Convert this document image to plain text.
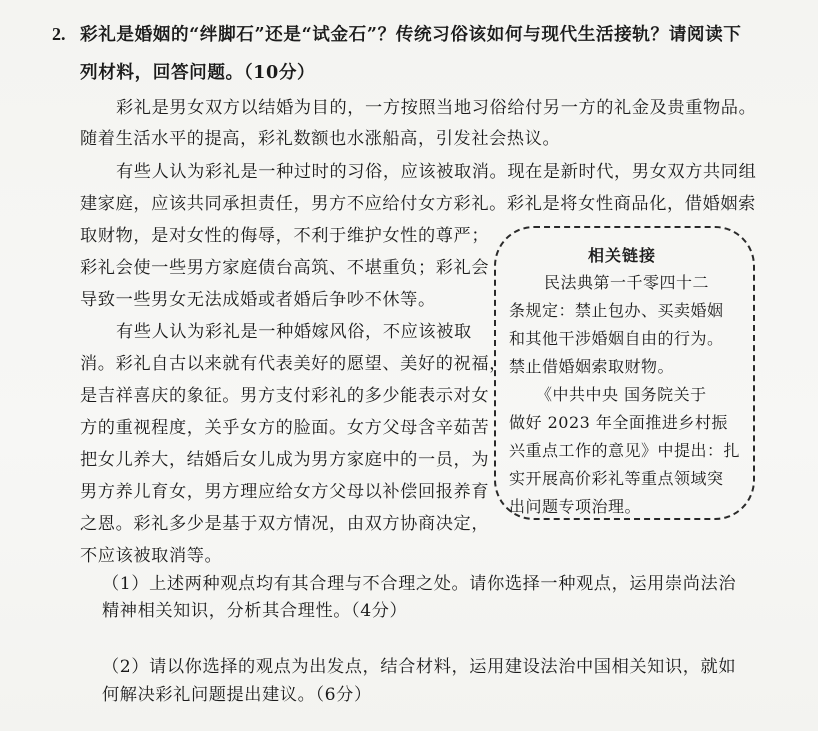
2. 彩礼是婚姻的“绊脚石”还是“试金石”？传统习俗该如何与现代生活接轨？请阅读下
列材料，回答问题。（10分）
彩礼是男女双方以结婚为目的，一方按照当地习俗给付另一方的礼金及贵重物品。
随着生活水平的提高，彩礼数额也水涨船高，引发社会热议。
有些人认为彩礼是一种过时的习俗，应该被取消。现在是新时代，男女双方共同组
建家庭，应该共同承担责任，男方不应给付女方彩礼。彩礼是将女性商品化，借婚姻索
取财物，是对女性的侮辱，不利于维护女性的尊严；
彩礼会使一些男方家庭债台高筑、不堪重负；彩礼会
导致一些男女无法成婚或者婚后争吵不休等。
有些人认为彩礼是一种婚嫁风俗，不应该被取
消。彩礼自古以来就有代表美好的愿望、美好的祝福，
是吉祥喜庆的象征。男方支付彩礼的多少能表示对女
方的重视程度，关乎女方的脸面。女方父母含辛茹苦
把女儿养大，结婚后女儿成为男方家庭中的一员，为
男方养儿育女，男方理应给女方父母以补偿回报养育
之恩。彩礼多少是基于双方情况，由双方协商决定，
不应该被取消等。
相关链接
民法典第一千零四十二
条规定：禁止包办、买卖婚姻
和其他干涉婚姻自由的行为。
禁止借婚姻索取财物。
《中共中央 国务院关于
做好 2023 年全面推进乡村振
兴重点工作的意见》中提出：扎
实开展高价彩礼等重点领域突
出问题专项治理。
（1）上述两种观点均有其合理与不合理之处。请你选择一种观点，运用崇尚法治
精神相关知识，分析其合理性。（4分）
（2）请以你选择的观点为出发点，结合材料，运用建设法治中国相关知识，就如
何解决彩礼问题提出建议。（6分）
